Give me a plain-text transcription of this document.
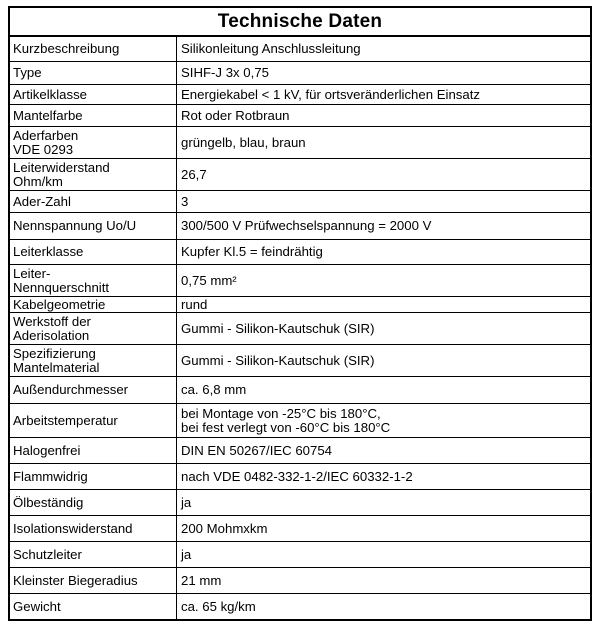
Technische Daten
Kurzbeschreibung	Silikonleitung Anschlussleitung
Type	SIHF-J 3x 0,75
Artikelklasse	Energiekabel < 1 kV, für ortsveränderlichen Einsatz
Mantelfarbe	Rot oder Rotbraun
Aderfarben
VDE 0293	grüngelb, blau, braun
Leiterwiderstand
Ohm/km	26,7
Ader-Zahl	3
Nennspannung Uo/U	300/500 V Prüfwechselspannung = 2000 V
Leiterklasse	Kupfer Kl.5 = feindrähtig
Leiter-
Nennquerschnitt	0,75 mm²
Kabelgeometrie	rund
Werkstoff der
Aderisolation	Gummi - Silikon-Kautschuk (SIR)
Spezifizierung
Mantelmaterial	Gummi - Silikon-Kautschuk (SIR)
Außendurchmesser	ca. 6,8 mm
Arbeitstemperatur	bei Montage von -25°C bis 180°C,
bei fest verlegt von -60°C bis 180°C
Halogenfrei	DIN EN 50267/IEC 60754
Flammwidrig	nach VDE 0482-332-1-2/IEC 60332-1-2
Ölbeständig	ja
Isolationswiderstand	200 Mohmxkm
Schutzleiter	ja
Kleinster Biegeradius	21 mm
Gewicht	ca. 65 kg/km
